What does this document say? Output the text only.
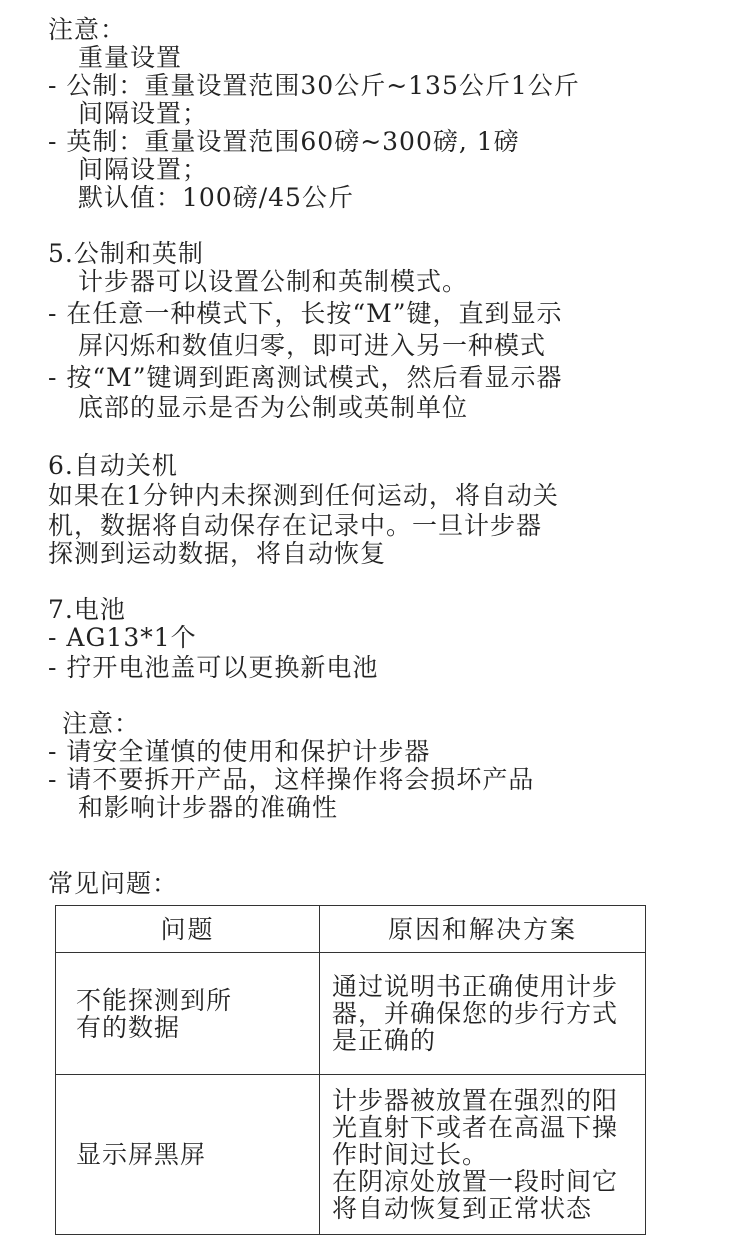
注意：
重量设置
- 公制：重量设置范围30公斤~135公斤1公斤
间隔设置；
- 英制：重量设置范围60磅~300磅, 1磅
间隔设置；
默认值：100磅/45公斤
5.公制和英制
计步器可以设置公制和英制模式。
- 在任意一种模式下，长按“M”键，直到显示
屏闪烁和数值归零，即可进入另一种模式
- 按“M”键调到距离测试模式，然后看显示器
底部的显示是否为公制或英制单位
6.自动关机
如果在1分钟内未探测到任何运动，将自动关
机，数据将自动保存在记录中。一旦计步器
探测到运动数据，将自动恢复
7.电池
- AG13*1个
- 拧开电池盖可以更换新电池
注意：
- 请安全谨慎的使用和保护计步器
- 请不要拆开产品，这样操作将会损坏产品
和影响计步器的准确性
常见问题：
问题	原因和解决方案
不能探测到所
有的数据	通过说明书正确使用计步
器，并确保您的步行方式
是正确的
显示屏黑屏	计步器被放置在强烈的阳
光直射下或者在高温下操
作时间过长。
在阴凉处放置一段时间它
将自动恢复到正常状态
